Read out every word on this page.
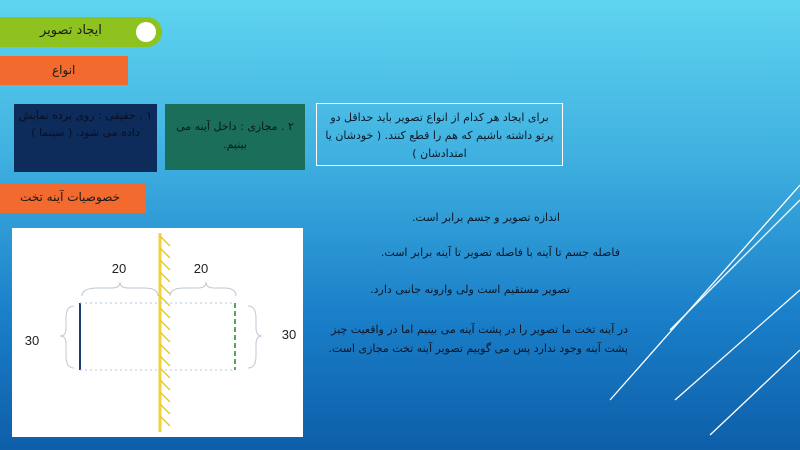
ایجاد تصویر
انواع
۱ . حقیقی : روی پرده نمایش داده می شود. ( سینما )	۲ . مجازی : داخل آینه می بینیم.
برای ایجاد هر کدام از انواع تصویر باید حداقل دو پرتو داشته باشیم که هم را قطع کنند. ( خودشان یا امتدادشان )
خصوصیات آینه تخت
20	20
30	30
اندازه تصویر و جسم برابر است.
فاصله جسم تا آینه با فاصله تصویر تا آینه برابر است.
تصویر مستقیم است ولی وارونه جانبی دارد.
در آینه تخت ما تصویر را در پشت آینه می بینیم اما در واقعیت چیز پشت آینه وجود ندارد پس می گوییم تصویر آینه تخت مجازی است.
